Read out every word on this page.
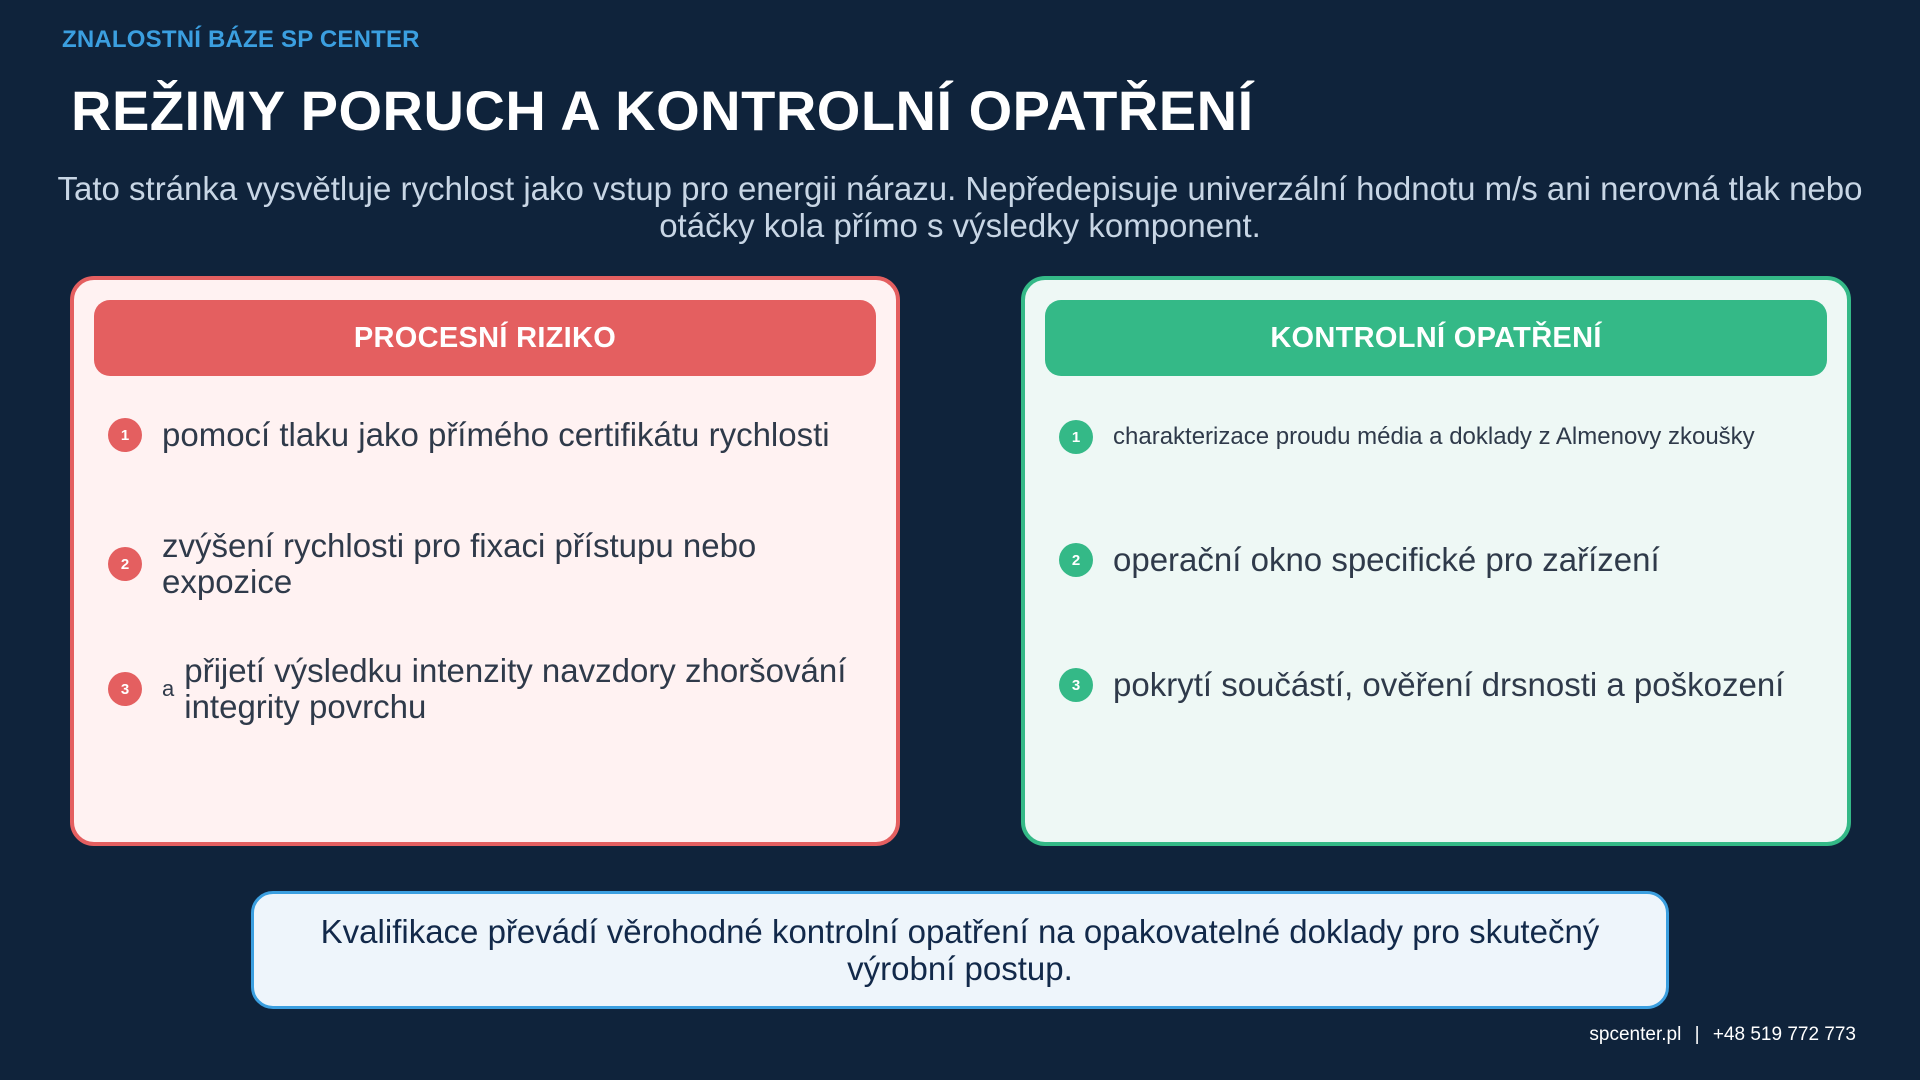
ZNALOSTNÍ BÁZE SP CENTER
REŽIMY PORUCH A KONTROLNÍ OPATŘENÍ
Tato stránka vysvětluje rychlost jako vstup pro energii nárazu. Nepředepisuje univerzální hodnotu m/s ani nerovná tlak nebo otáčky kola přímo s výsledky komponent.
PROCESNÍ RIZIKO
1 pomocí tlaku jako přímého certifikátu rychlosti
2 zvýšení rychlosti pro fixaci přístupu nebo expozice
3	a přijetí výsledku intenzity navzdory zhoršování integrity povrchu
KONTROLNÍ OPATŘENÍ
1	charakterizace proudu média a doklady z Almenovy zkoušky
2 operační okno specifické pro zařízení
3 pokrytí součástí, ověření drsnosti a poškození
Kvalifikace převádí věrohodné kontrolní opatření na opakovatelné doklady pro skutečný výrobní postup.
spcenter.pl | +48 519 772 773
